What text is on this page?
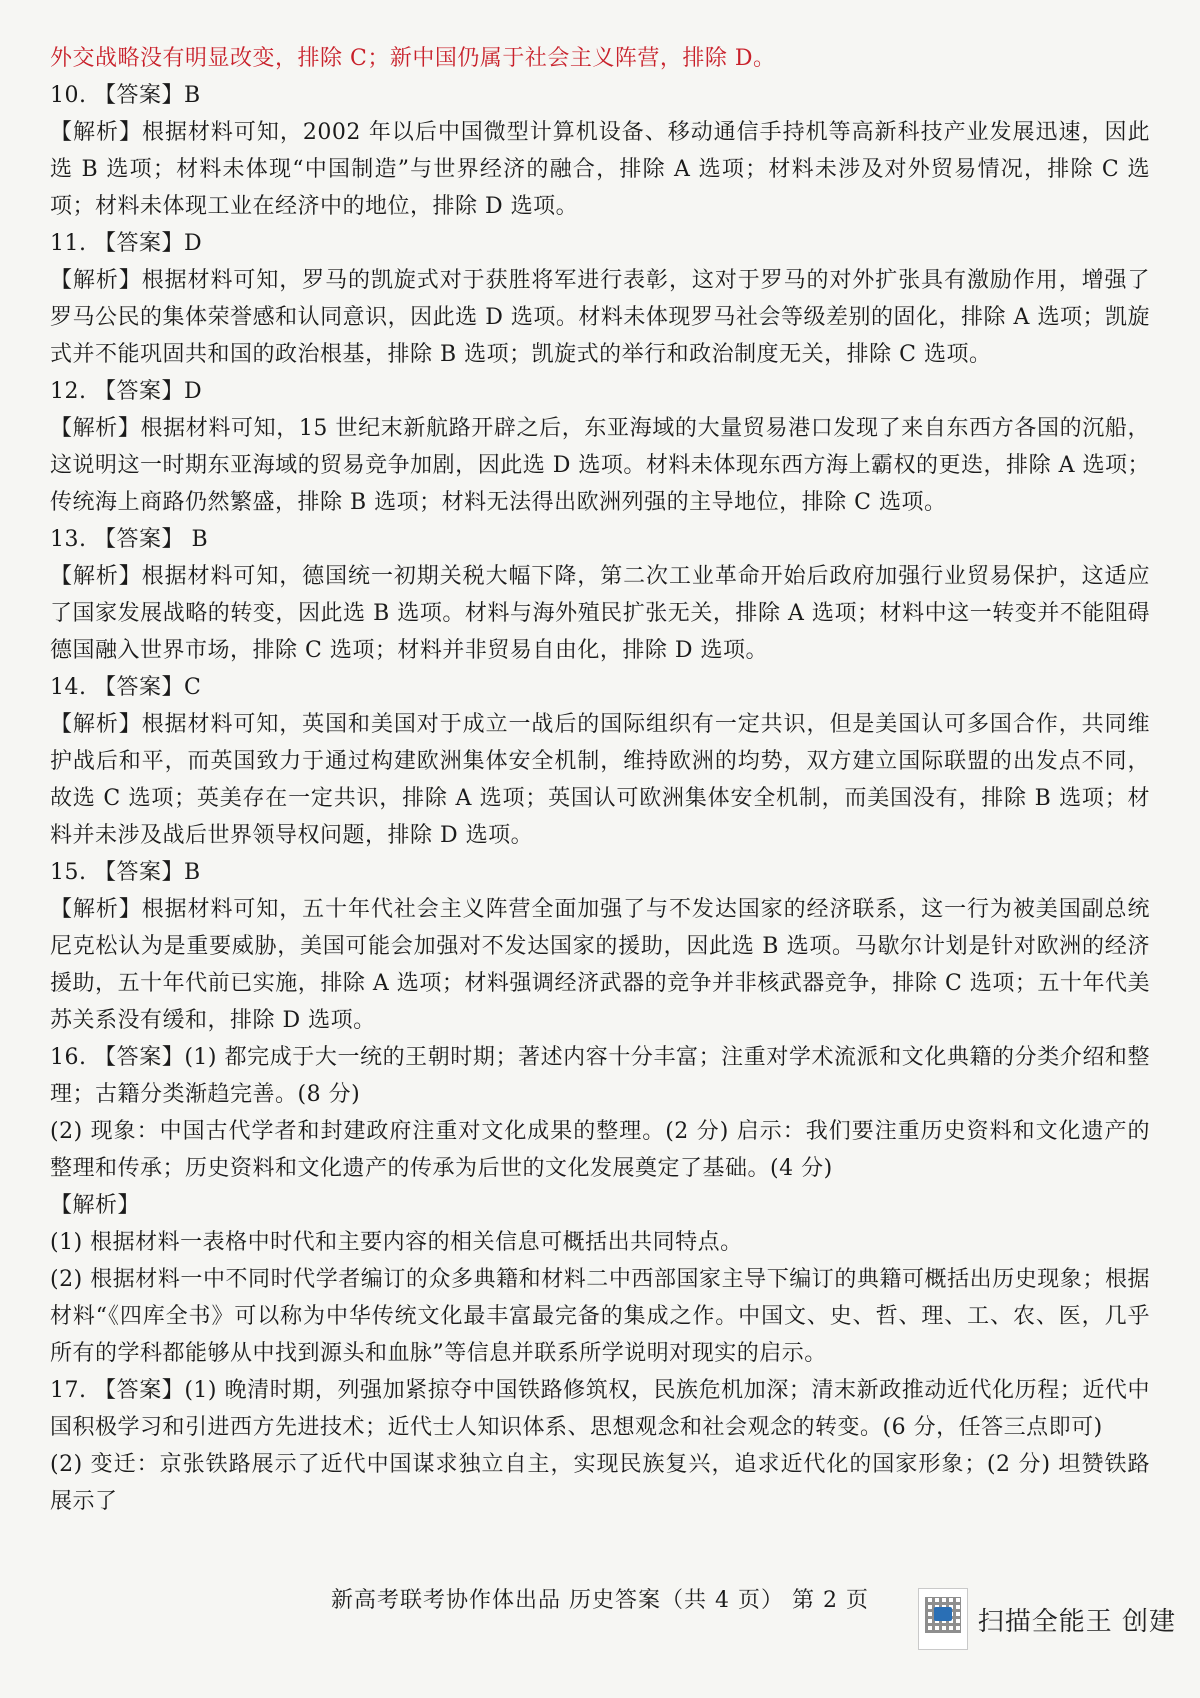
外交战略没有明显改变，排除 C；新中国仍属于社会主义阵营，排除 D。
10. 【答案】B
【解析】根据材料可知，2002 年以后中国微型计算机设备、移动通信手持机等高新科技产业发展迅速，因此选 B 选项；材料未体现“中国制造”与世界经济的融合，排除 A 选项；材料未涉及对外贸易情况，排除 C 选项；材料未体现工业在经济中的地位，排除 D 选项。
11. 【答案】D
【解析】根据材料可知，罗马的凯旋式对于获胜将军进行表彰，这对于罗马的对外扩张具有激励作用，增强了罗马公民的集体荣誉感和认同意识，因此选 D 选项。材料未体现罗马社会等级差别的固化，排除 A 选项；凯旋式并不能巩固共和国的政治根基，排除 B 选项；凯旋式的举行和政治制度无关，排除 C 选项。
12. 【答案】D
【解析】根据材料可知，15 世纪末新航路开辟之后，东亚海域的大量贸易港口发现了来自东西方各国的沉船，这说明这一时期东亚海域的贸易竞争加剧，因此选 D 选项。材料未体现东西方海上霸权的更迭，排除 A 选项；传统海上商路仍然繁盛，排除 B 选项；材料无法得出欧洲列强的主导地位，排除 C 选项。
13. 【答案】 B
【解析】根据材料可知，德国统一初期关税大幅下降，第二次工业革命开始后政府加强行业贸易保护，这适应了国家发展战略的转变，因此选 B 选项。材料与海外殖民扩张无关，排除 A 选项；材料中这一转变并不能阻碍德国融入世界市场，排除 C 选项；材料并非贸易自由化，排除 D 选项。
14. 【答案】C
【解析】根据材料可知，英国和美国对于成立一战后的国际组织有一定共识，但是美国认可多国合作，共同维护战后和平，而英国致力于通过构建欧洲集体安全机制，维持欧洲的均势，双方建立国际联盟的出发点不同，故选 C 选项；英美存在一定共识，排除 A 选项；英国认可欧洲集体安全机制，而美国没有，排除 B 选项；材料并未涉及战后世界领导权问题，排除 D 选项。
15. 【答案】B
【解析】根据材料可知，五十年代社会主义阵营全面加强了与不发达国家的经济联系，这一行为被美国副总统尼克松认为是重要威胁，美国可能会加强对不发达国家的援助，因此选 B 选项。马歇尔计划是针对欧洲的经济援助，五十年代前已实施，排除 A 选项；材料强调经济武器的竞争并非核武器竞争，排除 C 选项；五十年代美苏关系没有缓和，排除 D 选项。
16. 【答案】(1) 都完成于大一统的王朝时期；著述内容十分丰富；注重对学术流派和文化典籍的分类介绍和整理；古籍分类渐趋完善。(8 分)
(2) 现象：中国古代学者和封建政府注重对文化成果的整理。(2 分) 启示：我们要注重历史资料和文化遗产的整理和传承；历史资料和文化遗产的传承为后世的文化发展奠定了基础。(4 分)
【解析】
(1) 根据材料一表格中时代和主要内容的相关信息可概括出共同特点。
(2) 根据材料一中不同时代学者编订的众多典籍和材料二中西部国家主导下编订的典籍可概括出历史现象；根据材料“《四库全书》可以称为中华传统文化最丰富最完备的集成之作。中国文、史、哲、理、工、农、医，几乎所有的学科都能够从中找到源头和血脉”等信息并联系所学说明对现实的启示。
17. 【答案】(1) 晚清时期，列强加紧掠夺中国铁路修筑权，民族危机加深；清末新政推动近代化历程；近代中国积极学习和引进西方先进技术；近代士人知识体系、思想观念和社会观念的转变。(6 分，任答三点即可)
(2) 变迁：京张铁路展示了近代中国谋求独立自主，实现民族复兴，追求近代化的国家形象；(2 分) 坦赞铁路展示了
新高考联考协作体出品 历史答案（共 4 页） 第 2 页
扫描全能王 创建
